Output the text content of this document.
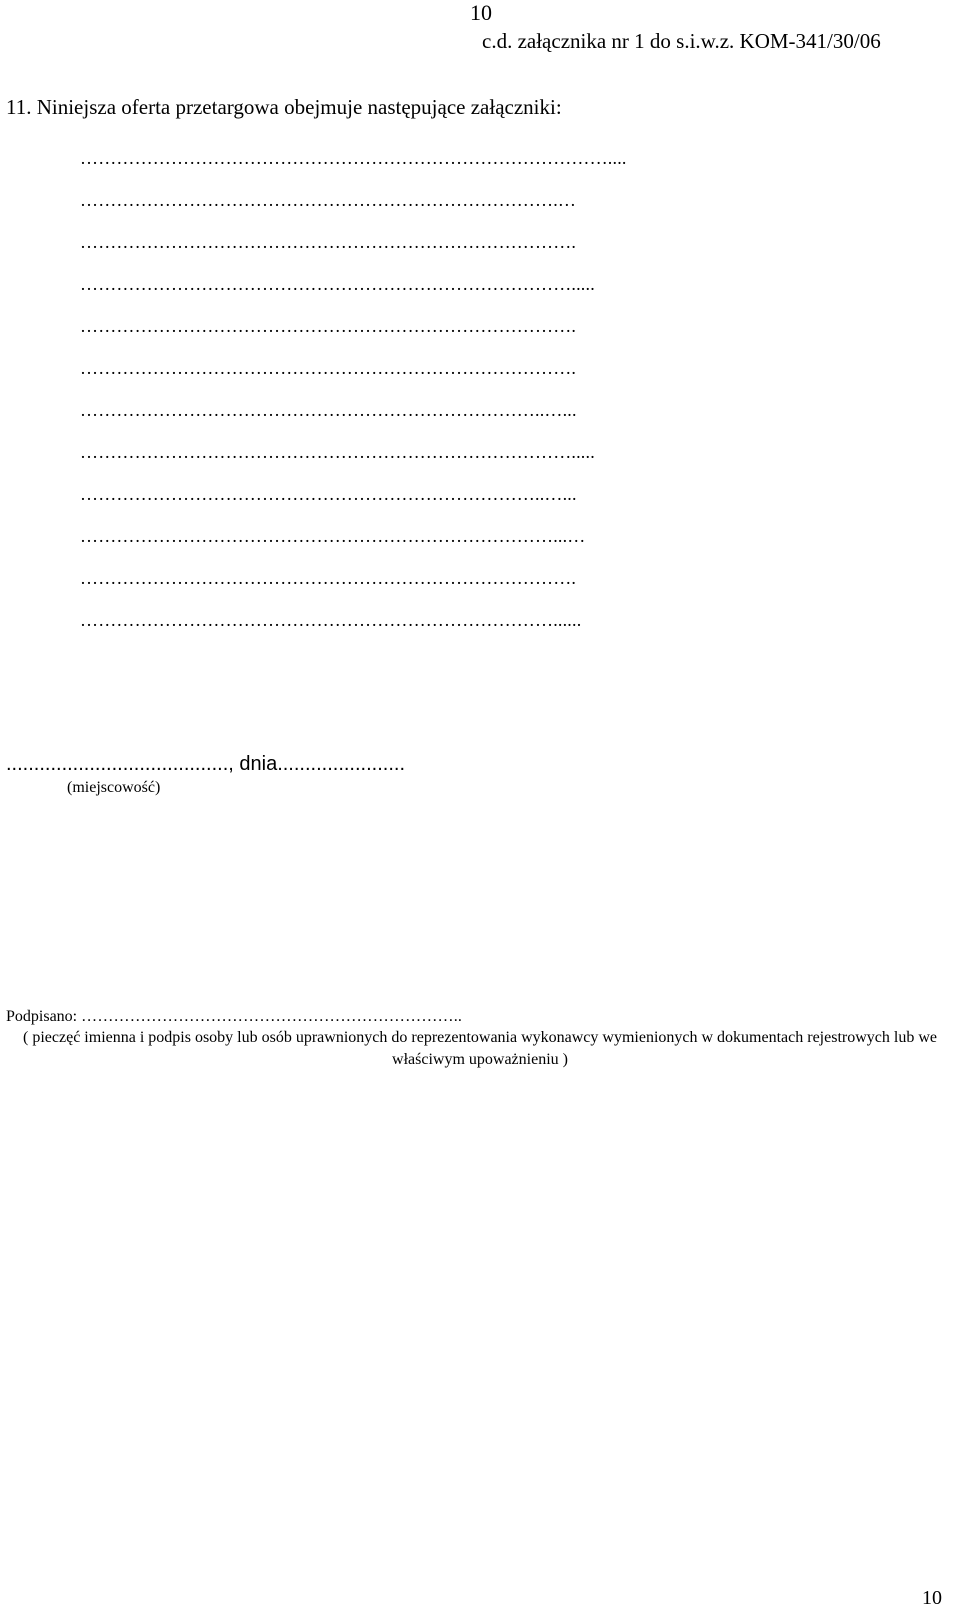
10
c.d. załącznika nr 1 do s.i.w.z. KOM-341/30/06
11. Niniejsza oferta przetargowa obejmuje następujące załączniki:
……………………………………………………………………………....
…………………………………………………………………….…
……………………………………………………………………….
……………………………………………………………………….....
……………………………………………………………………….
……………………………………………………………………….
…………………………………………………………………..…...
……………………………………………………………………….....
…………………………………………………………………..…...
……………………………………………………………………...…
……………………………………………………………………….
……………………………………………………………………......
........................................, dnia.......................
(miejscowość)
Podpisano: ……………………………………………………………..
( pieczęć imienna i podpis osoby lub osób uprawnionych do reprezentowania wykonawcy wymienionych w dokumentach rejestrowych lub we właściwym upoważnieniu )
10
